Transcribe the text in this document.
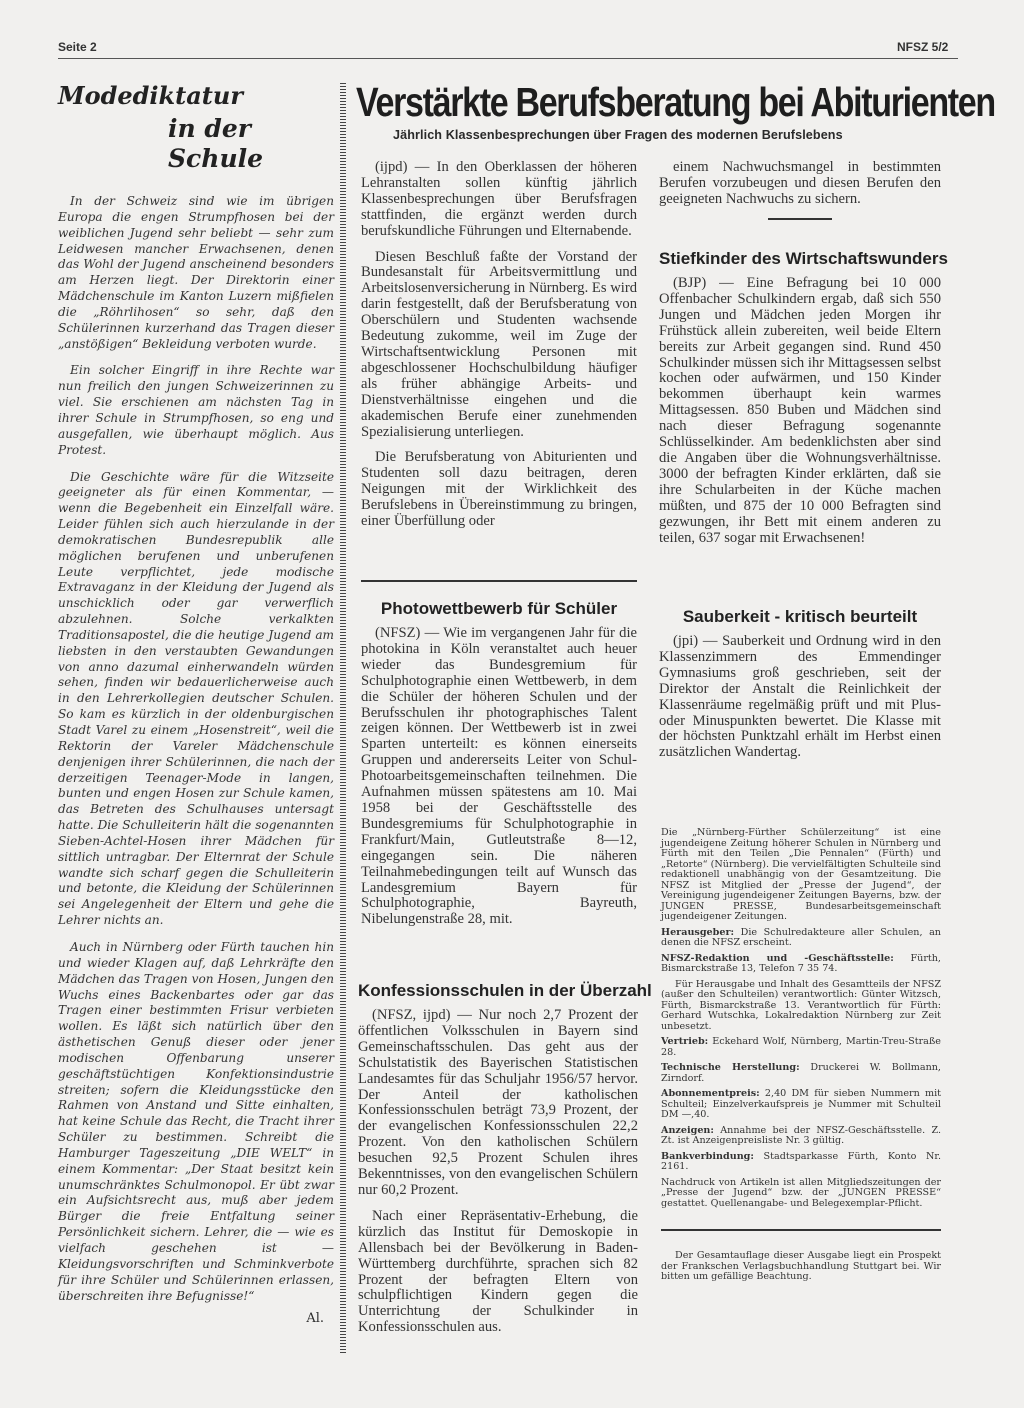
Seite 2	NFSZ 5/2
Modediktatur
in der Schule

In der Schweiz sind wie im übrigen Europa die engen Strumpfhosen bei der weiblichen Jugend sehr beliebt — sehr zum Leidwesen mancher Erwachsenen, denen das Wohl der Jugend anscheinend besonders am Herzen liegt. Der Direktorin einer Mädchenschule im Kanton Luzern mißfielen die „Röhrlihosen“ so sehr, daß den Schülerinnen kurzerhand das Tragen dieser „anstößigen“ Bekleidung verboten wurde.

Ein solcher Eingriff in ihre Rechte war nun freilich den jungen Schweizerinnen zu viel. Sie erschienen am nächsten Tag in ihrer Schule in Strumpfhosen, so eng und ausgefallen, wie überhaupt möglich. Aus Protest.

Die Geschichte wäre für die Witzseite geeigneter als für einen Kommentar, — wenn die Begebenheit ein Einzelfall wäre. Leider fühlen sich auch hierzulande in der demokratischen Bundesrepublik alle möglichen berufenen und unberufenen Leute verpflichtet, jede modische Extravaganz in der Kleidung der Jugend als unschicklich oder gar verwerflich abzulehnen. Solche verkalkten Traditionsapostel, die die heutige Jugend am liebsten in den verstaubten Gewandungen von anno dazumal einherwandeln würden sehen, finden wir bedauerlicherweise auch in den Lehrerkollegien deutscher Schulen. So kam es kürzlich in der oldenburgischen Stadt Varel zu einem „Hosenstreit“, weil die Rektorin der Vareler Mädchenschule denjenigen ihrer Schülerinnen, die nach der derzeitigen Teenager-Mode in langen, bunten und engen Hosen zur Schule kamen, das Betreten des Schulhauses untersagt hatte. Die Schulleiterin hält die sogenannten Sieben-Achtel-Hosen ihrer Mädchen für sittlich untragbar. Der Elternrat der Schule wandte sich scharf gegen die Schulleiterin und betonte, die Kleidung der Schülerinnen sei Angelegenheit der Eltern und gehe die Lehrer nichts an.

Auch in Nürnberg oder Fürth tauchen hin und wieder Klagen auf, daß Lehrkräfte den Mädchen das Tragen von Hosen, Jungen den Wuchs eines Backenbartes oder gar das Tragen einer bestimmten Frisur verbieten wollen. Es läßt sich natürlich über den ästhetischen Genuß dieser oder jener modischen Offenbarung unserer geschäftstüchtigen Konfektionsindustrie streiten; sofern die Kleidungsstücke den Rahmen von Anstand und Sitte einhalten, hat keine Schule das Recht, die Tracht ihrer Schüler zu bestimmen. Schreibt die Hamburger Tageszeitung „DIE WELT“ in einem Kommentar: „Der Staat besitzt kein unumschränktes Schulmonopol. Er übt zwar ein Aufsichtsrecht aus, muß aber jedem Bürger die freie Entfaltung seiner Persönlichkeit sichern. Lehrer, die — wie es vielfach geschehen ist — Kleidungsvorschriften und Schminkverbote für ihre Schüler und Schülerinnen erlassen, überschreiten ihre Befugnisse!“

Al.
Verstärkte Berufsberatung bei Abiturienten
Jährlich Klassenbesprechungen über Fragen des modernen Berufslebens

(ijpd) — In den Oberklassen der höheren Lehranstalten sollen künftig jährlich Klassenbesprechungen über Berufsfragen stattfinden, die ergänzt werden durch berufskundliche Führungen und Elternabende.

Diesen Beschluß faßte der Vorstand der Bundesanstalt für Arbeitsvermittlung und Arbeitslosenversicherung in Nürnberg. Es wird darin festgestellt, daß der Berufsberatung von Oberschülern und Studenten wachsende Bedeutung zukomme, weil im Zuge der Wirtschaftsentwicklung Personen mit abgeschlossener Hochschulbildung häufiger als früher abhängige Arbeits- und Dienstverhältnisse eingehen und die akademischen Berufe einer zunehmenden Spezialisierung unterliegen.

Die Berufsberatung von Abiturienten und Studenten soll dazu beitragen, deren Neigungen mit der Wirklichkeit des Berufslebens in Übereinstimmung zu bringen, einer Überfüllung oder

einem Nachwuchsmangel in bestimmten Berufen vorzubeugen und diesen Berufen den geeigneten Nachwuchs zu sichern.

Stiefkinder des Wirtschaftswunders

(BJP) — Eine Befragung bei 10 000 Offenbacher Schulkindern ergab, daß sich 550 Jungen und Mädchen jeden Morgen ihr Frühstück allein zubereiten, weil beide Eltern bereits zur Arbeit gegangen sind. Rund 450 Schulkinder müssen sich ihr Mittagsessen selbst kochen oder aufwärmen, und 150 Kinder bekommen überhaupt kein warmes Mittagsessen. 850 Buben und Mädchen sind nach dieser Befragung sogenannte Schlüsselkinder. Am bedenklichsten aber sind die Angaben über die Wohnungsverhältnisse. 3000 der befragten Kinder erklärten, daß sie ihre Schularbeiten in der Küche machen müßten, und 875 der 10 000 Befragten sind gezwungen, ihr Bett mit einem anderen zu teilen, 637 sogar mit Erwachsenen!

Sauberkeit - kritisch beurteilt

(jpi) — Sauberkeit und Ordnung wird in den Klassenzimmern des Emmendinger Gymnasiums groß geschrieben, seit der Direktor der Anstalt die Reinlichkeit der Klassenräume regelmäßig prüft und mit Plus- oder Minuspunkten bewertet. Die Klasse mit der höchsten Punktzahl erhält im Herbst einen zusätzlichen Wandertag.

Photowettbewerb für Schüler

(NFSZ) — Wie im vergangenen Jahr für die photokina in Köln veranstaltet auch heuer wieder das Bundesgremium für Schulphotographie einen Wettbewerb, in dem die Schüler der höheren Schulen und der Berufsschulen ihr photographisches Talent zeigen können. Der Wettbewerb ist in zwei Sparten unterteilt: es können einerseits Gruppen und andererseits Leiter von Schul-Photoarbeitsgemeinschaften teilnehmen. Die Aufnahmen müssen spätestens am 10. Mai 1958 bei der Geschäftsstelle des Bundesgremiums für Schulphotographie in Frankfurt/Main, Gutleutstraße 8—12, eingegangen sein. Die näheren Teilnahmebedingungen teilt auf Wunsch das Landesgremium Bayern für Schulphotographie, Bayreuth, Nibelungenstraße 28, mit.

Konfessionsschulen in der Überzahl

(NFSZ, ijpd) — Nur noch 2,7 Prozent der öffentlichen Volksschulen in Bayern sind Gemeinschaftsschulen. Das geht aus der Schulstatistik des Bayerischen Statistischen Landesamtes für das Schuljahr 1956/57 hervor. Der Anteil der katholischen Konfessionsschulen beträgt 73,9 Prozent, der der evangelischen Konfessionsschulen 22,2 Prozent. Von den katholischen Schülern besuchen 92,5 Prozent Schulen ihres Bekenntnisses, von den evangelischen Schülern nur 60,2 Prozent.

Nach einer Repräsentativ-Erhebung, die kürzlich das Institut für Demoskopie in Allensbach bei der Bevölkerung in Baden-Württemberg durchführte, sprachen sich 82 Prozent der befragten Eltern von schulpflichtigen Kindern gegen die Unterrichtung der Schulkinder in Konfessionsschulen aus.

Die „Nürnberg-Fürther Schülerzeitung“ ist eine jugendeigene Zeitung höherer Schulen in Nürnberg und Fürth mit den Teilen „Die Pennalen“ (Fürth) und „Retorte“ (Nürnberg). Die vervielfältigten Schulteile sind redaktionell unabhängig von der Gesamtzeitung. Die NFSZ ist Mitglied der „Presse der Jugend“, der Vereinigung jugendeigener Zeitungen Bayerns, bzw. der JUNGEN PRESSE, Bundesarbeitsgemeinschaft jugendeigener Zeitungen.

Herausgeber: Die Schulredakteure aller Schulen, an denen die NFSZ erscheint.

NFSZ-Redaktion und -Geschäftsstelle: Fürth, Bismarckstraße 13, Telefon 7 35 74.

Für Herausgabe und Inhalt des Gesamtteils der NFSZ (außer den Schulteilen) verantwortlich: Günter Witzsch, Fürth, Bismarckstraße 13. Verantwortlich für Fürth: Gerhard Wutschka, Lokalredaktion Nürnberg zur Zeit unbesetzt.

Vertrieb: Eckehard Wolf, Nürnberg, Martin-Treu-Straße 28.

Technische Herstellung: Druckerei W. Bollmann, Zirndorf.

Abonnementpreis: 2,40 DM für sieben Nummern mit Schulteil; Einzelverkaufspreis je Nummer mit Schulteil DM —,40.

Anzeigen: Annahme bei der NFSZ-Geschäftsstelle. Z. Zt. ist Anzeigenpreisliste Nr. 3 gültig.

Bankverbindung: Stadtsparkasse Fürth, Konto Nr. 2161.

Nachdruck von Artikeln ist allen Mitgliedszeitungen der „Presse der Jugend“ bzw. der „JUNGEN PRESSE“ gestattet. Quellenangabe- und Belegexemplar-Pflicht.

Der Gesamtauflage dieser Ausgabe liegt ein Prospekt der Frankschen Verlagsbuchhandlung Stuttgart bei. Wir bitten um gefällige Beachtung.
